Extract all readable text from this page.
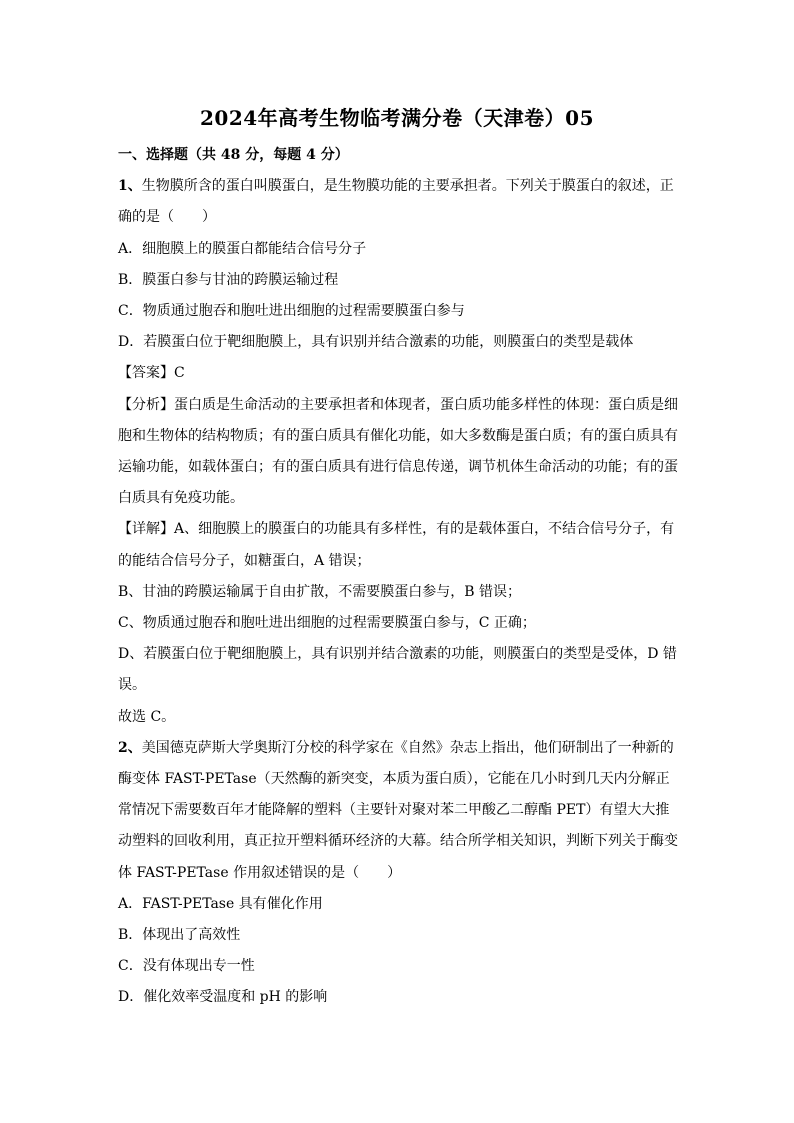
2024年高考生物临考满分卷（天津卷）05

一、选择题（共 48 分，每题 4 分）

1、生物膜所含的蛋白叫膜蛋白，是生物膜功能的主要承担者。下列关于膜蛋白的叙述，正确的是（　　）

A．细胞膜上的膜蛋白都能结合信号分子

B．膜蛋白参与甘油的跨膜运输过程

C．物质通过胞吞和胞吐进出细胞的过程需要膜蛋白参与

D．若膜蛋白位于靶细胞膜上，具有识别并结合激素的功能，则膜蛋白的类型是载体

【答案】C

【分析】蛋白质是生命活动的主要承担者和体现者，蛋白质功能多样性的体现：蛋白质是细胞和生物体的结构物质；有的蛋白质具有催化功能，如大多数酶是蛋白质；有的蛋白质具有运输功能，如载体蛋白；有的蛋白质具有进行信息传递，调节机体生命活动的功能；有的蛋白质具有免疫功能。

【详解】A、细胞膜上的膜蛋白的功能具有多样性，有的是载体蛋白，不结合信号分子，有的能结合信号分子，如糖蛋白，A 错误；

B、甘油的跨膜运输属于自由扩散，不需要膜蛋白参与，B 错误；

C、物质通过胞吞和胞吐进出细胞的过程需要膜蛋白参与，C 正确；

D、若膜蛋白位于靶细胞膜上，具有识别并结合激素的功能，则膜蛋白的类型是受体，D 错误。

故选 C。

2、美国德克萨斯大学奥斯汀分校的科学家在《自然》杂志上指出，他们研制出了一种新的酶变体 FAST-PETase（天然酶的新突变，本质为蛋白质），它能在几小时到几天内分解正常情况下需要数百年才能降解的塑料（主要针对聚对苯二甲酸乙二醇酯 PET）有望大大推动塑料的回收利用，真正拉开塑料循环经济的大幕。结合所学相关知识，判断下列关于酶变体 FAST-PETase 作用叙述错误的是（　　）

A．FAST-PETase 具有催化作用

B．体现出了高效性

C．没有体现出专一性

D．催化效率受温度和 pH 的影响
